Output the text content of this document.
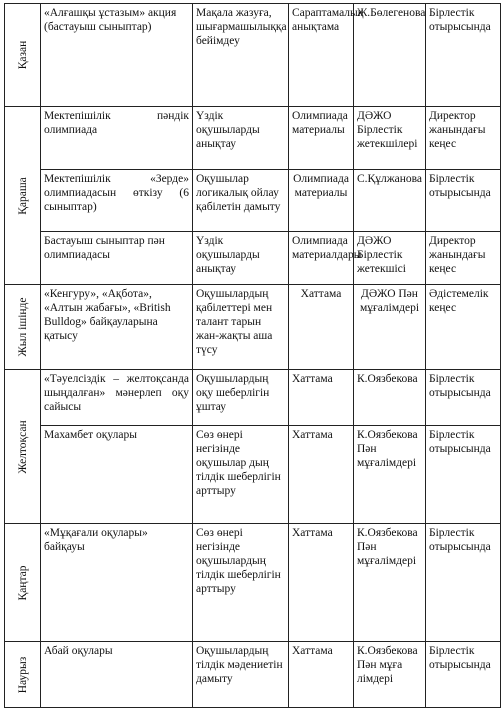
Қазан	«Алғашқы ұстазым» акция (бастауыш сыныптар)	Мақала жазуға, шығармашылыққа бейімдеу	Сараптамалық анықтама	Ж.Бөлегенова	Бірлестік отырысында

Қараша	Мектепішілік пәндік олимпиада	Үздік оқушыларды анықтау	Олимпиада материалы	ДӘЖО Бірлестік жетекшілері	Директор жанындағы кеңес
	Мектепішілік «Зерде» олимпиадасын өткізу (6 сыныптар)	Оқушылар логикалық ойлау қабілетін дамыту	Олимпиада материалы	С.Құлжанова	Бірлестік отырысында
	Бастауыш сыныптар пән олимпиадасы	Үздік оқушыларды анықтау	Олимпиада материалдары	ДӘЖО Бірлестік жетекшісі	Директор жанындағы кеңес

Жыл ішінде	«Кенгуру», «Ақбота», «Алтын жабағы», «British Bulldog» байқауларына қатысу	Оқушылардың қабілеттері мен талант тарын жан-жақты аша түсу	Хаттама	ДӘЖО Пән мұғалімдері	Әдістемелік кеңес

Желтоқсан	«Тәуелсіздік – желтоқсанда шыңдалған» мәнерлеп оқу сайысы	Оқушылардың оқу шеберлігін ұштау	Хаттама	К.Оязбекова	Бірлестік отырысында
	Махамбет оқулары	Сөз өнері негізінде оқушылар дың тілдік шеберлігін арттыру	Хаттама	К.Оязбекова Пән мұғалімдері	Бірлестік отырысында

Қаңтар	«Мұқағали оқулары» байқауы	Сөз өнері негізінде оқушылардың тілдік шеберлігін арттыру	Хаттама	К.Оязбекова Пән мұғалімдері	Бірлестік отырысында

Наурыз	Абай оқулары	Оқушылардың тілдік мәдениетін дамыту	Хаттама	К.Оязбекова Пән мұға лімдері	Бірлестік отырысында
